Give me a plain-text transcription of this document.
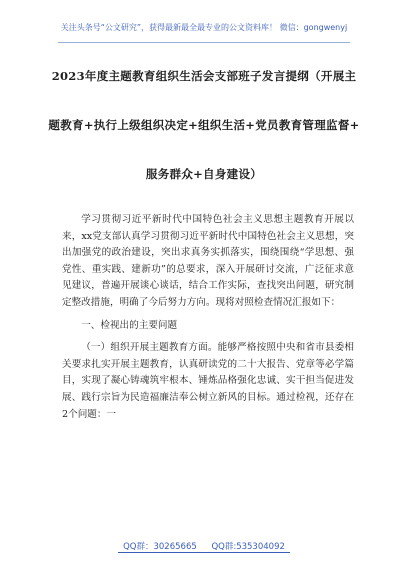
关注头条号“公文研究”，获得最新最全最专业的公文资料库！ 微信：gongwenyj
2023年度主题教育组织生活会支部班子发言提纲（开展主
题教育+执行上级组织决定+组织生活+党员教育管理监督+
服务群众+自身建设）

学习贯彻习近平新时代中国特色社会主义思想主题教育开展以来，xx党支部认真学习贯彻习近平新时代中国特色社会主义思想，突出加强党的政治建设，突出求真务实抓落实，围绕围绕“学思想、强党性、重实践、建新功”的总要求，深入开展研讨交流，广泛征求意见建议，普遍开展谈心谈话，结合工作实际，查找突出问题，研究制定整改措施，明确了今后努力方向。现将对照检查情况汇报如下：

一、检视出的主要问题

（一）组织开展主题教育方面。能够严格按照中央和省市县委相关要求扎实开展主题教育，认真研读党的二十大报告、党章等必学篇目，实现了凝心铸魂筑牢根本、锤炼品格强化忠诚、实干担当促进发展、践行宗旨为民造福廉洁奉公树立新风的目标。通过检视，还存在2个问题：一

QQ群：30265665 QQ群:535304092
